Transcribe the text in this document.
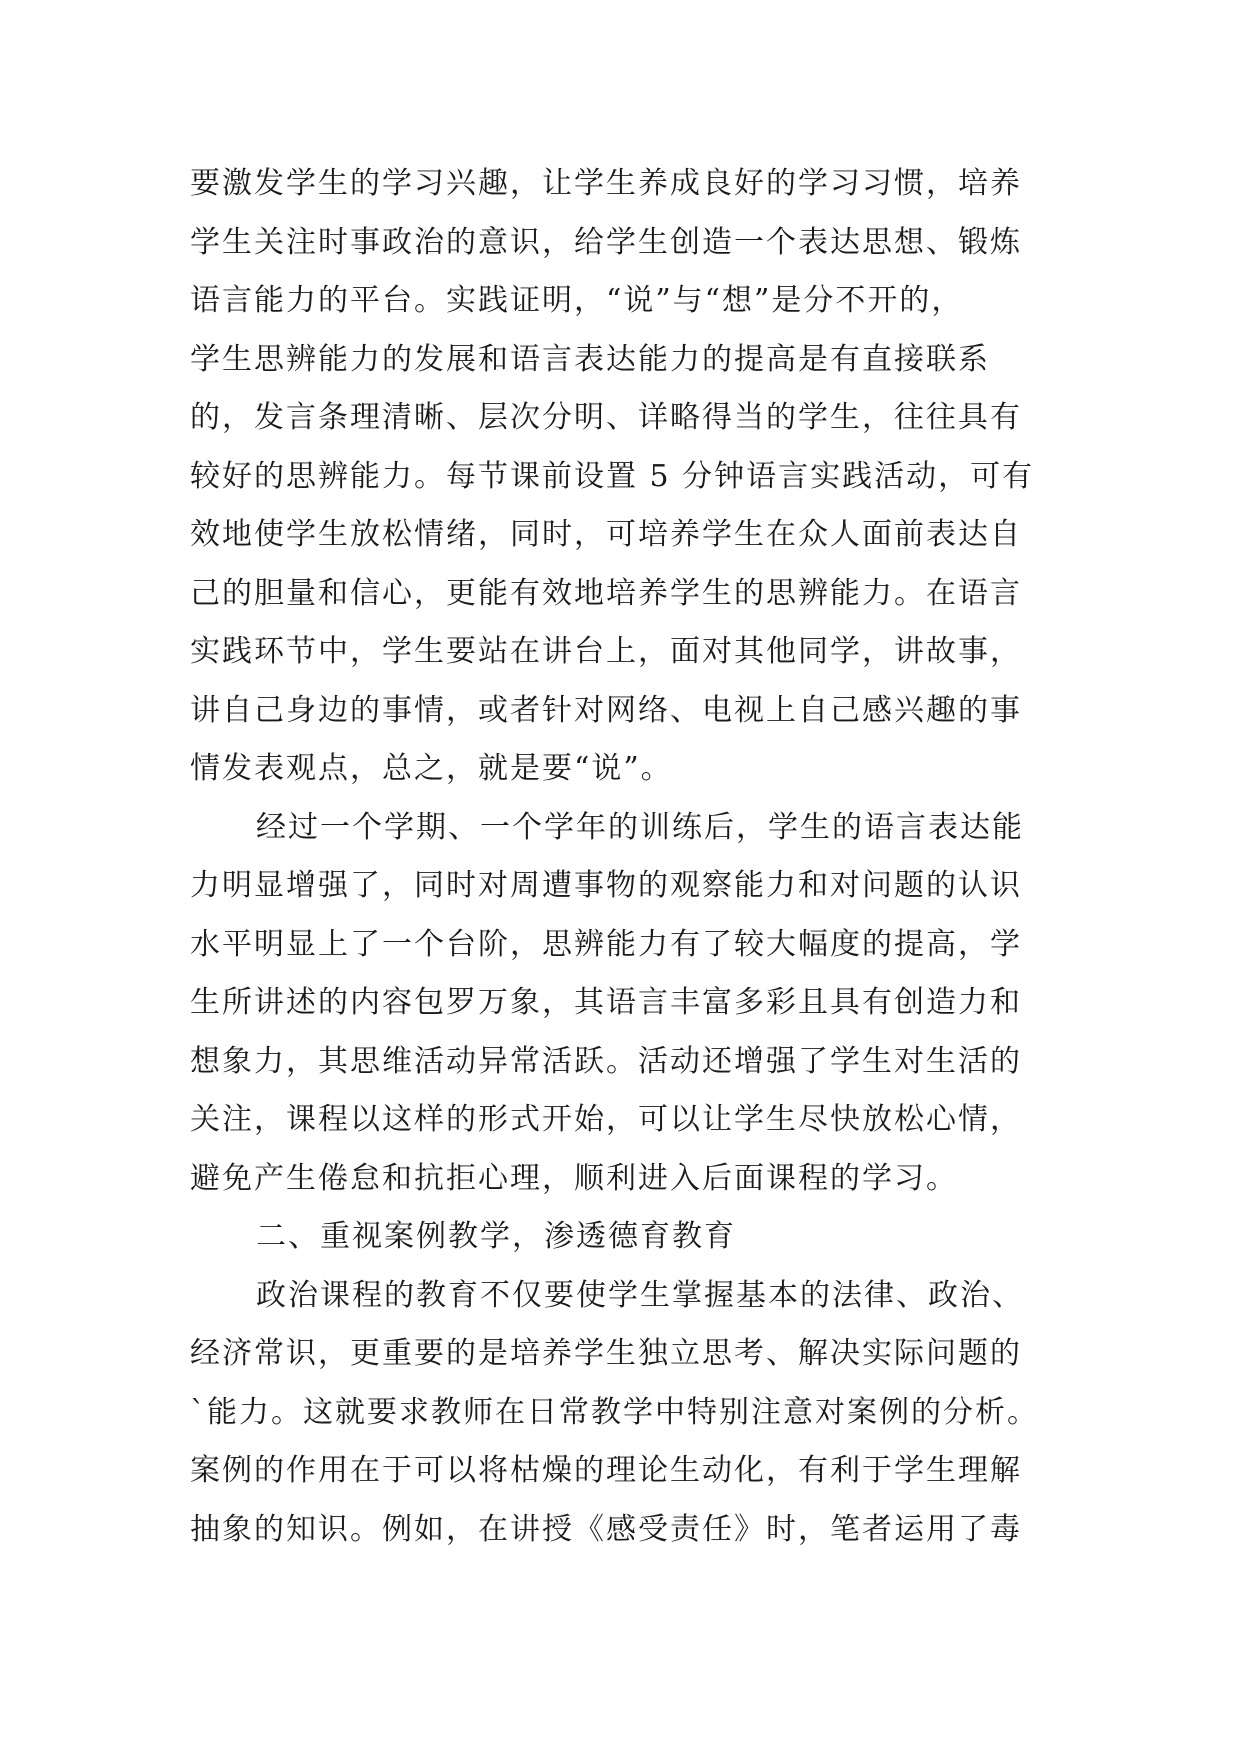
要激发学生的学习兴趣，让学生养成良好的学习习惯，培养
学生关注时事政治的意识，给学生创造一个表达思想、锻炼
语言能力的平台。实践证明，“说”与“想”是分不开的，
学生思辨能力的发展和语言表达能力的提高是有直接联系
的，发言条理清晰、层次分明、详略得当的学生，往往具有
较好的思辨能力。每节课前设置 5 分钟语言实践活动，可有
效地使学生放松情绪，同时，可培养学生在众人面前表达自
己的胆量和信心，更能有效地培养学生的思辨能力。在语言
实践环节中，学生要站在讲台上，面对其他同学，讲故事，
讲自己身边的事情，或者针对网络、电视上自己感兴趣的事
情发表观点，总之，就是要“说”。
经过一个学期、一个学年的训练后，学生的语言表达能
力明显增强了，同时对周遭事物的观察能力和对问题的认识
水平明显上了一个台阶，思辨能力有了较大幅度的提高，学
生所讲述的内容包罗万象，其语言丰富多彩且具有创造力和
想象力，其思维活动异常活跃。活动还增强了学生对生活的
关注，课程以这样的形式开始，可以让学生尽快放松心情，
避免产生倦怠和抗拒心理，顺利进入后面课程的学习。
二、重视案例教学，渗透德育教育
政治课程的教育不仅要使学生掌握基本的法律、政治、
经济常识，更重要的是培养学生独立思考、解决实际问题的
`能力。这就要求教师在日常教学中特别注意对案例的分析。
案例的作用在于可以将枯燥的理论生动化，有利于学生理解
抽象的知识。例如，在讲授《感受责任》时，笔者运用了毒
